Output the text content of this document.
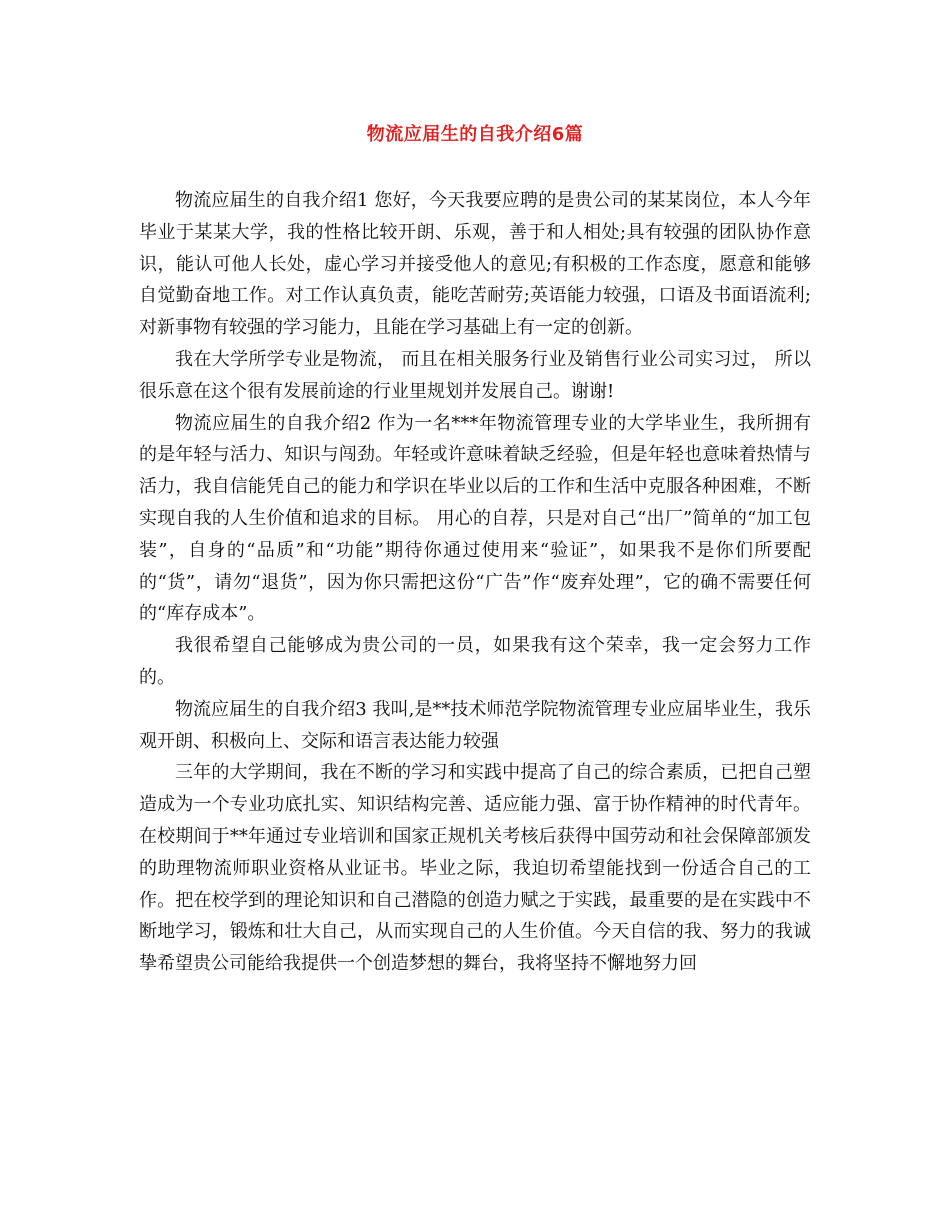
物流应届生的自我介绍6篇

物流应届生的自我介绍1 您好，今天我要应聘的是贵公司的某某岗位，本人今年毕业于某某大学，我的性格比较开朗、乐观，善于和人相处;具有较强的团队协作意识，能认可他人长处，虚心学习并接受他人的意见;有积极的工作态度，愿意和能够自觉勤奋地工作。对工作认真负责，能吃苦耐劳;英语能力较强，口语及书面语流利;对新事物有较强的学习能力，且能在学习基础上有一定的创新。

我在大学所学专业是物流， 而且在相关服务行业及销售行业公司实习过， 所以很乐意在这个很有发展前途的行业里规划并发展自己。谢谢!

物流应届生的自我介绍2 作为一名***年物流管理专业的大学毕业生，我所拥有的是年轻与活力、知识与闯劲。年轻或许意味着缺乏经验，但是年轻也意味着热情与活力，我自信能凭自己的能力和学识在毕业以后的工作和生活中克服各种困难，不断实现自我的人生价值和追求的目标。 用心的自荐，只是对自己“出厂”简单的“加工包装”，自身的“品质”和“功能”期待你通过使用来“验证”，如果我不是你们所要配的“货”，请勿“退货”，因为你只需把这份“广告”作“废弃处理”，它的确不需要任何的“库存成本”。

我很希望自己能够成为贵公司的一员，如果我有这个荣幸，我一定会努力工作的。

物流应届生的自我介绍3 我叫,是**技术师范学院物流管理专业应届毕业生，我乐观开朗、积极向上、交际和语言表达能力较强

三年的大学期间，我在不断的学习和实践中提高了自己的综合素质，已把自己塑造成为一个专业功底扎实、知识结构完善、适应能力强、富于协作精神的时代青年。在校期间于**年通过专业培训和国家正规机关考核后获得中国劳动和社会保障部颁发的助理物流师职业资格从业证书。毕业之际，我迫切希望能找到一份适合自己的工作。把在校学到的理论知识和自己潜隐的创造力赋之于实践，最重要的是在实践中不断地学习，锻炼和壮大自己，从而实现自己的人生价值。今天自信的我、努力的我诚挚希望贵公司能给我提供一个创造梦想的舞台，我将坚持不懈地努力回
